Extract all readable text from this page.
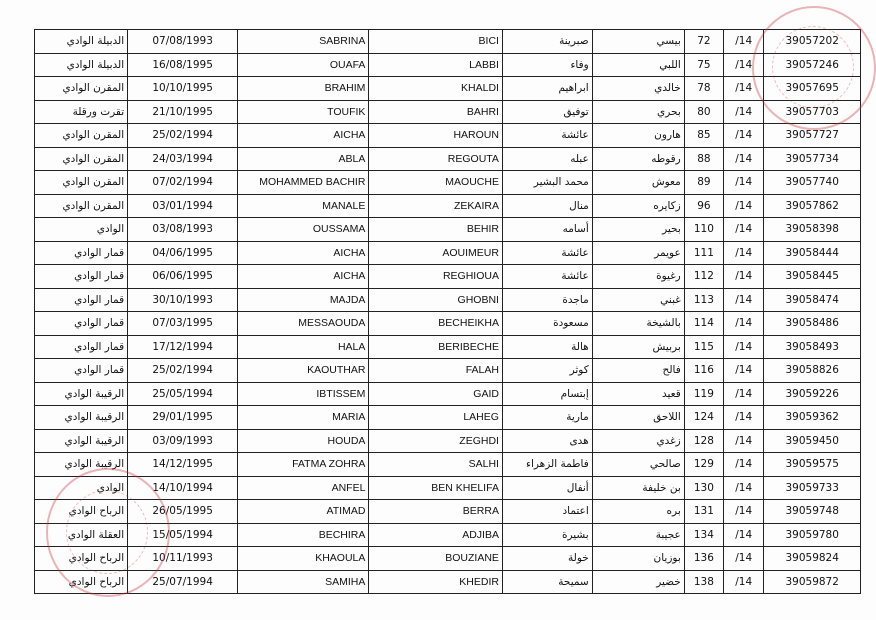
الدبيلة الوادي	07/08/1993	SABRINA	BICI	صبرينة	بيسي	72	/14	39057202
الدبيلة الوادي	16/08/1995	OUAFA	LABBI	وفاء	اللبي	75	/14	39057246
المقرن الوادي	10/10/1995	BRAHIM	KHALDI	ابراهيم	خالدي	78	/14	39057695
تقرت ورقلة	21/10/1995	TOUFIK	BAHRI	توفيق	بحري	80	/14	39057703
المقرن الوادي	25/02/1994	AICHA	HAROUN	عائشة	هارون	85	/14	39057727
المقرن الوادي	24/03/1994	ABLA	REGOUTA	عبله	رقوطه	88	/14	39057734
المقرن الوادي	07/02/1994	MOHAMMED BACHIR	MAOUCHE	محمد البشير	معوش	89	/14	39057740
المقرن الوادي	03/01/1994	MANALE	ZEKAIRA	منال	زكايره	96	/14	39057862
الوادي	03/08/1993	OUSSAMA	BEHIR	أسامه	بحير	110	/14	39058398
قمار الوادي	04/06/1995	AICHA	AOUIMEUR	عائشة	عويمر	111	/14	39058444
قمار الوادي	06/06/1995	AICHA	REGHIOUA	عائشة	رغيوة	112	/14	39058445
قمار الوادي	30/10/1993	MAJDA	GHOBNI	ماجدة	غبني	113	/14	39058474
قمار الوادي	07/03/1995	MESSAOUDA	BECHEIKHA	مسعودة	بالشيخة	114	/14	39058486
قمار الوادي	17/12/1994	HALA	BERIBECHE	هالة	بربيش	115	/14	39058493
قمار الوادي	25/02/1994	KAOUTHAR	FALAH	كوثر	فالح	116	/14	39058826
الرقيبة الوادي	25/05/1994	IBTISSEM	GAID	إبتسام	قعيد	119	/14	39059226
الرقيبة الوادي	29/01/1995	MARIA	LAHEG	مارية	اللاحق	124	/14	39059362
الرقيبة الوادي	03/09/1993	HOUDA	ZEGHDI	هدى	زغدي	128	/14	39059450
الرقيبة الوادي	14/12/1995	FATMA ZOHRA	SALHI	فاطمة الزهراء	صالحي	129	/14	39059575
الوادي	14/10/1994	ANFEL	BEN KHELIFA	أنفال	بن خليفة	130	/14	39059733
الرباح الوادي	26/05/1995	ATIMAD	BERRA	اعتماد	بره	131	/14	39059748
العقلة الوادي	15/05/1994	BECHIRA	ADJIBA	بشيرة	عجيبة	134	/14	39059780
الرباح الوادي	10/11/1993	KHAOULA	BOUZIANE	خولة	بوزيان	136	/14	39059824
الرباح الوادي	25/07/1994	SAMIHA	KHEDIR	سميحة	خضير	138	/14	39059872
